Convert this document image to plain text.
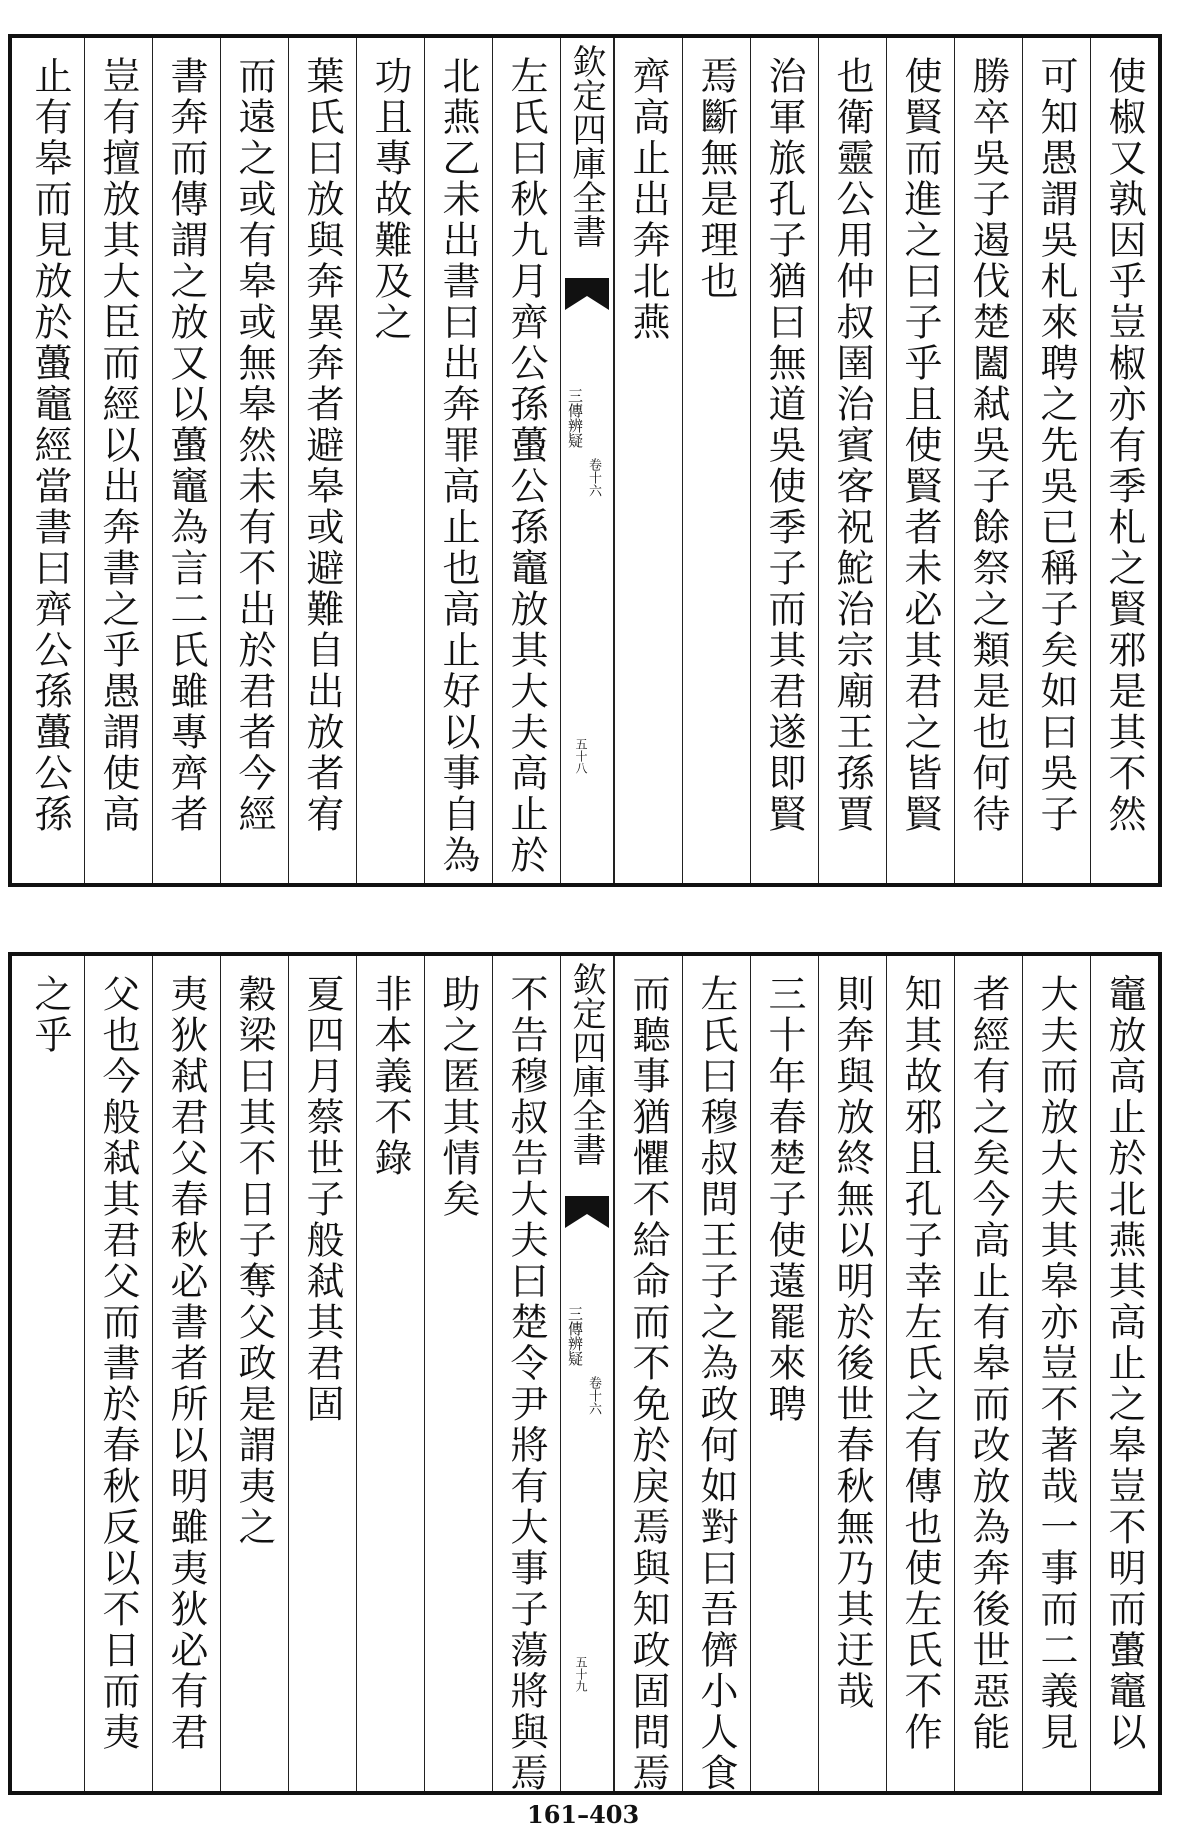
使椒又孰因乎豈椒亦有季札之賢邪是其不然
可知愚謂吳札來聘之先吳已稱子矣如曰吳子
勝卒吳子遏伐楚闔弒吳子餘祭之類是也何待
使賢而進之曰子乎且使賢者未必其君之皆賢
也衛靈公用仲叔圉治賓客祝鮀治宗廟王孫賈
治軍旅孔子猶曰無道吳使季子而其君遂即賢
焉斷無是理也
齊高止出奔北燕
欽定四庫全書
三傳辨疑
卷十六
五十八
左氏曰秋九月齊公孫蠆公孫竈放其大夫高止於
北燕乙未出書曰出奔罪高止也高止好以事自為
功且專故難及之
葉氏曰放與奔異奔者避皋或避難自出放者宥
而遠之或有皋或無皋然未有不出於君者今經
書奔而傳謂之放又以蠆竈為言二氏雖專齊者
豈有擅放其大臣而經以出奔書之乎愚謂使高
止有皋而見放於蠆竈經當書曰齊公孫蠆公孫
竈放高止於北燕其高止之皋豈不明而蠆竈以
大夫而放大夫其皋亦豈不著哉一事而二義見
者經有之矣今高止有皋而改放為奔後世惡能
知其故邪且孔子幸左氏之有傳也使左氏不作
則奔與放終無以明於後世春秋無乃其迂哉
三十年春楚子使薳罷來聘
左氏曰穆叔問王子之為政何如對曰吾儕小人食
而聽事猶懼不給命而不免於戾焉與知政固問焉
欽定四庫全書
三傳辨疑
卷十六
五十九
不告穆叔告大夫曰楚令尹將有大事子蕩將與焉
助之匿其情矣
非本義不錄
夏四月蔡世子般弒其君固
穀梁曰其不日子奪父政是謂夷之
夷狄弒君父春秋必書者所以明雖夷狄必有君
父也今般弒其君父而書於春秋反以不日而夷
之乎
161–403
